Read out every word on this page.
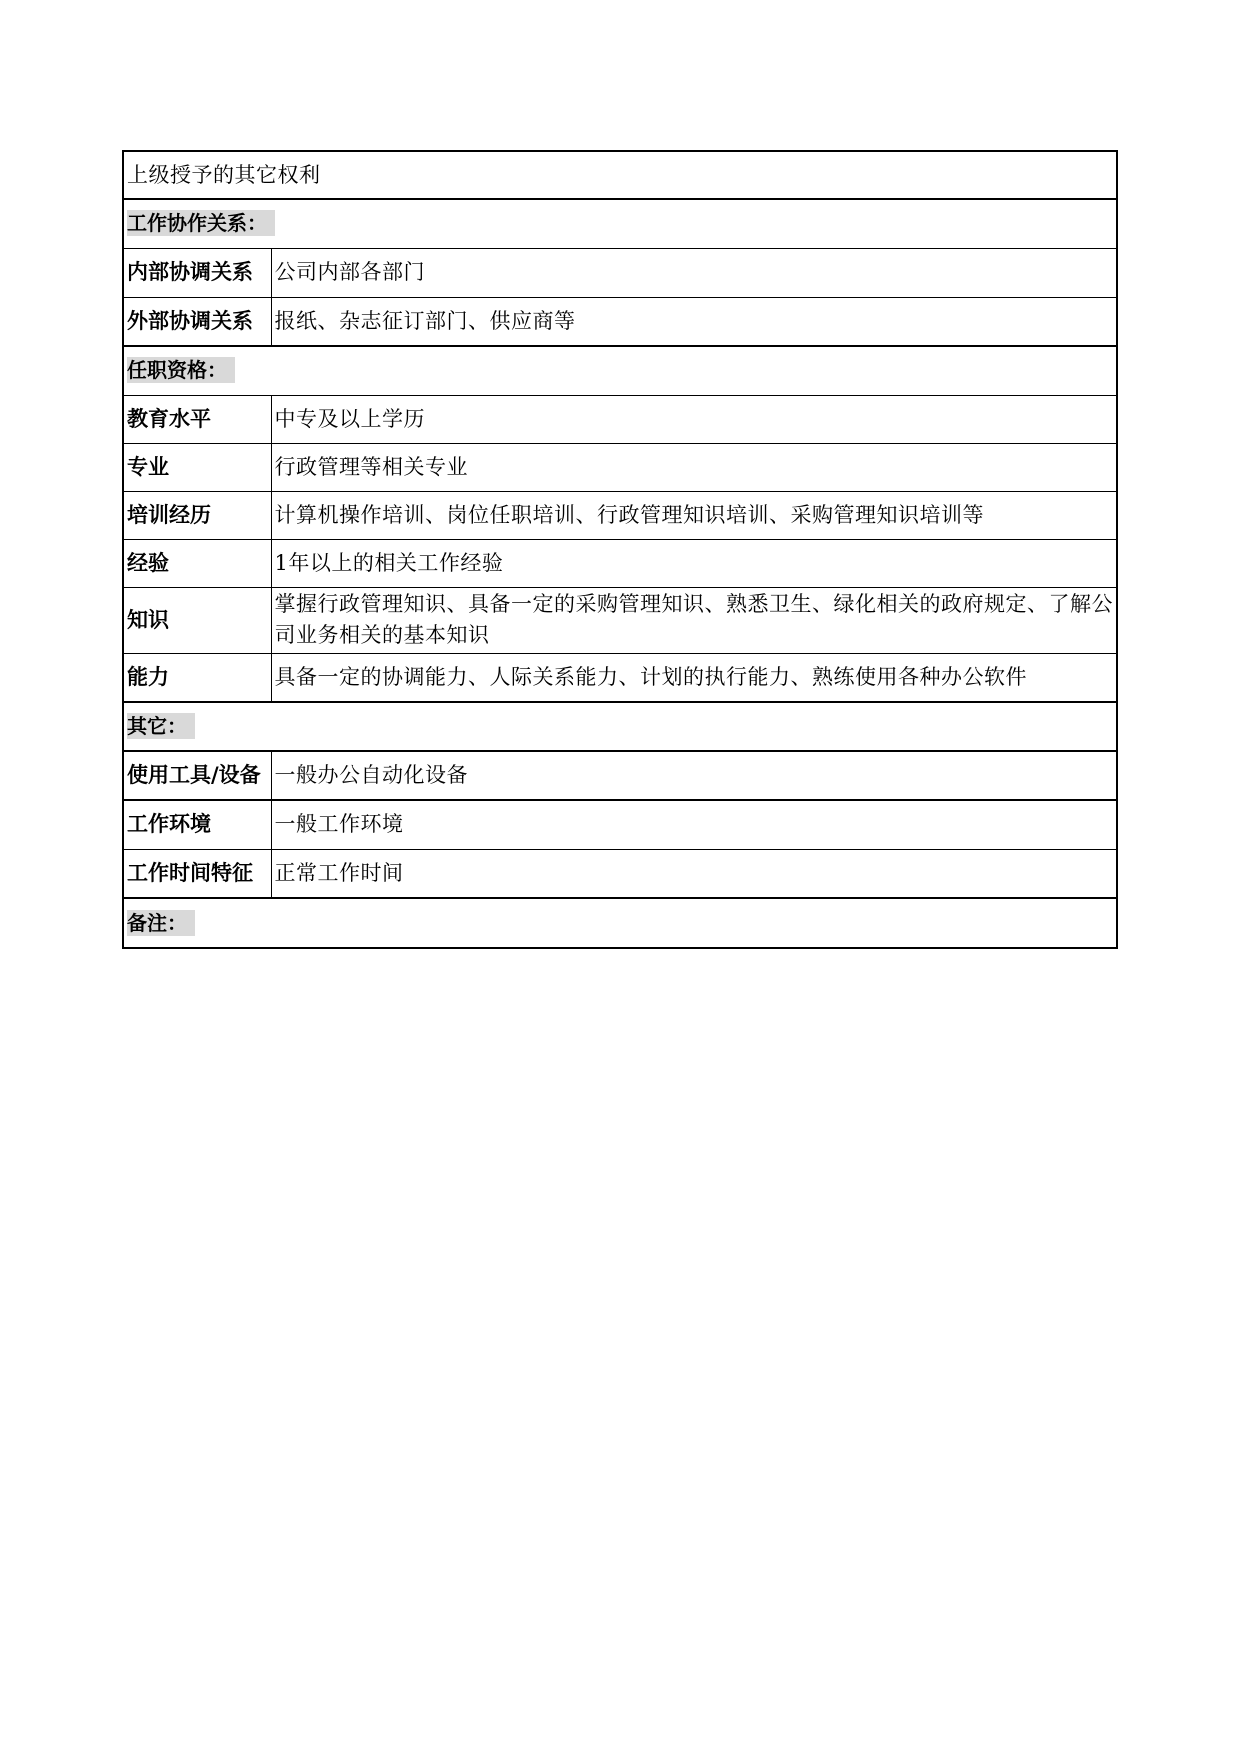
上级授予的其它权利	
工作协作关系：	
内部协调关系	公司内部各部门
外部协调关系	报纸、杂志征订部门、供应商等
任职资格：	
教育水平	中专及以上学历
专业	行政管理等相关专业
培训经历	计算机操作培训、岗位任职培训、行政管理知识培训、采购管理知识培训等
经验	1年以上的相关工作经验
知识	掌握行政管理知识、具备一定的采购管理知识、熟悉卫生、绿化相关的政府规定、了解公司业务相关的基本知识
能力	具备一定的协调能力、人际关系能力、计划的执行能力、熟练使用各种办公软件
其它：	
使用工具/设备	一般办公自动化设备
工作环境	一般工作环境
工作时间特征	正常工作时间
备注：	
